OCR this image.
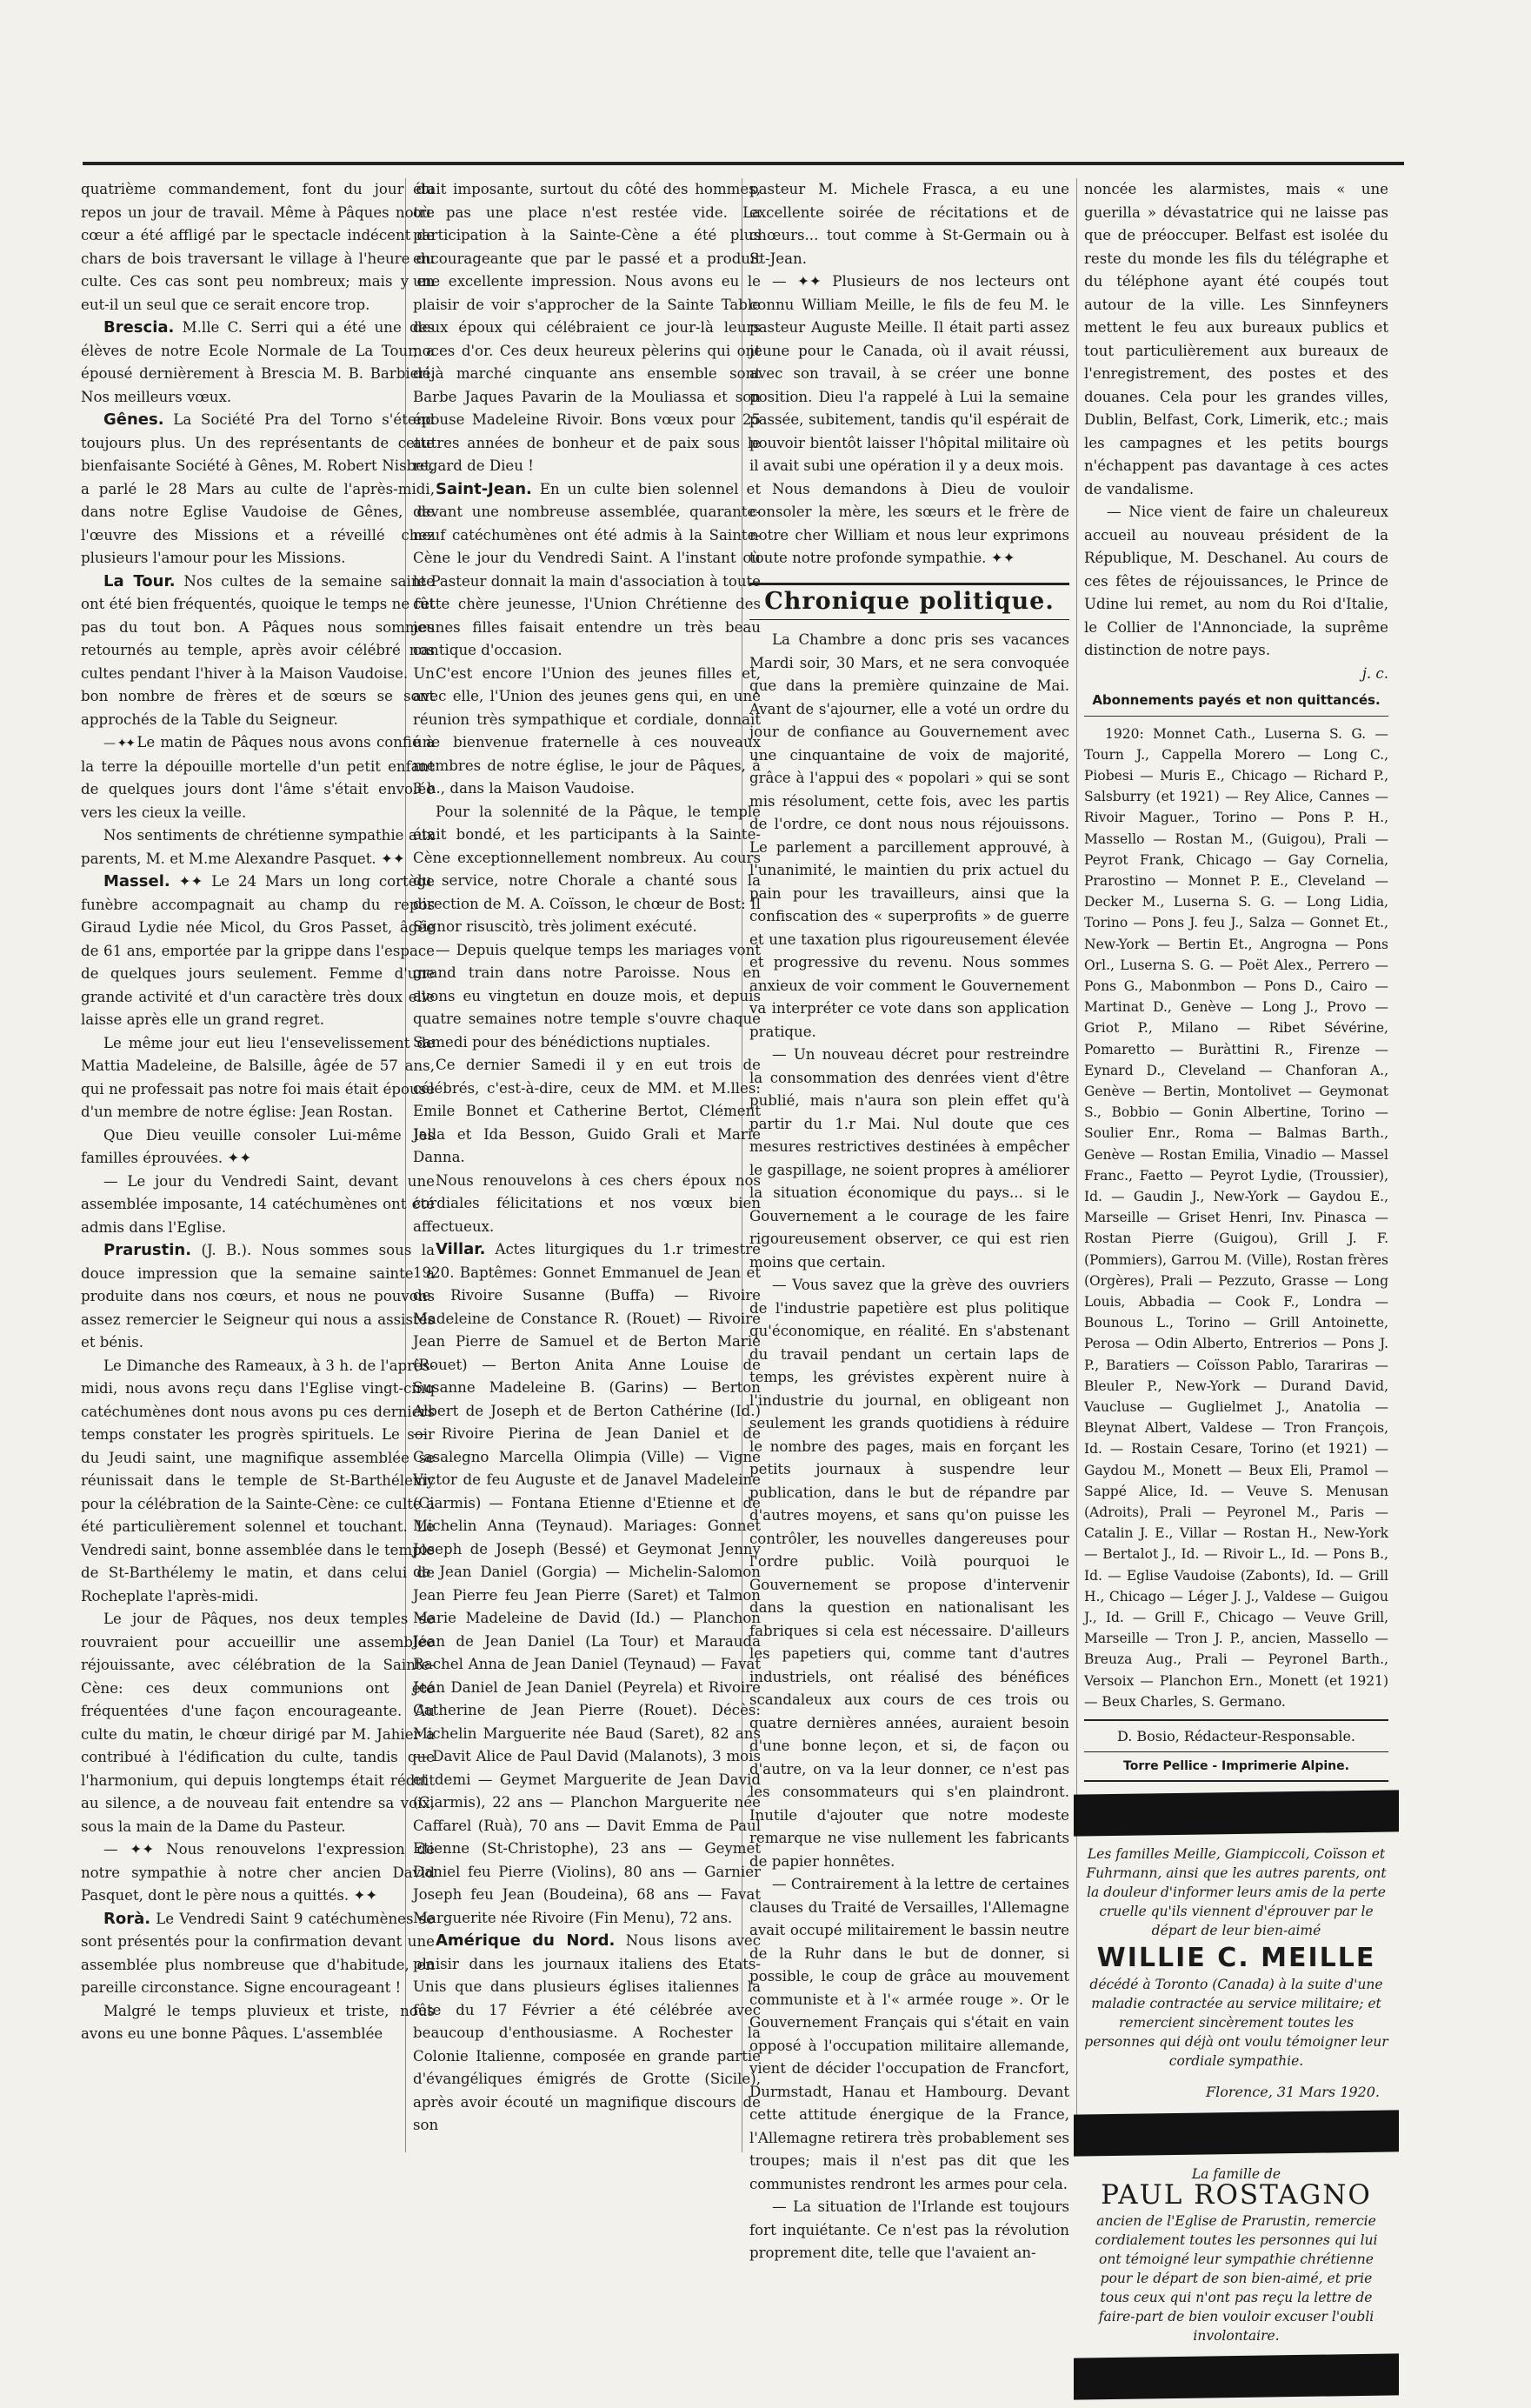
quatrième commandement, font du jour du repos un jour de travail. Même à Pâques notre cœur a été affligé par le spectacle indécent de chars de bois traversant le village à l'heure du culte. Ces cas sont peu nombreux; mais y en eut-il un seul que ce serait encore trop.

Brescia. M.lle C. Serri qui a été une des élèves de notre Ecole Normale de La Tour, a épousé dernièrement à Brescia M. B. Barbieri. Nos meilleurs vœux.

Gênes. La Société Pra del Torno s'étend toujours plus. Un des représentants de cette bienfaisante Société à Gênes, M. Robert Nisbet, a parlé le 28 Mars au culte de l'après-midi, dans notre Eglise Vaudoise de Gênes, de l'œuvre des Missions et a réveillé chez plusieurs l'amour pour les Missions.

La Tour. Nos cultes de la semaine sainte ont été bien fréquentés, quoique le temps ne fût pas du tout bon. A Pâques nous sommes retournés au temple, après avoir célébré nos cultes pendant l'hiver à la Maison Vaudoise. Un bon nombre de frères et de sœurs se sont approchés de la Table du Seigneur.

— ✦✦ Le matin de Pâques nous avons confié à la terre la dépouille mortelle d'un petit enfant de quelques jours dont l'âme s'était envolée vers les cieux la veille.

Nos sentiments de chrétienne sympathie aux parents, M. et M.me Alexandre Pasquet. ✦✦

Massel. ✦✦ Le 24 Mars un long cortège funèbre accompagnait au champ du repos Giraud Lydie née Micol, du Gros Passet, âgée de 61 ans, emportée par la grippe dans l'espace de quelques jours seulement. Femme d'une grande activité et d'un caractère très doux elle laisse après elle un grand regret.

Le même jour eut lieu l'ensevelissement de Mattia Madeleine, de Balsille, âgée de 57 ans, qui ne professait pas notre foi mais était épouse d'un membre de notre église: Jean Rostan.

Que Dieu veuille consoler Lui-même les familles éprouvées. ✦✦

— Le jour du Vendredi Saint, devant une assemblée imposante, 14 catéchumènes ont été admis dans l'Eglise.

Prarustin. (J. B.). Nous sommes sous la douce impression que la semaine sainte a produite dans nos cœurs, et nous ne pouvons assez remercier le Seigneur qui nous a assistés et bénis.

Le Dimanche des Rameaux, à 3 h. de l'après-midi, nous avons reçu dans l'Eglise vingt-cinq catéchumènes dont nous avons pu ces derniers temps constater les progrès spirituels. Le soir du Jeudi saint, une magnifique assemblée se réunissait dans le temple de St-Barthélemy pour la célébration de la Sainte-Cène: ce culte a été particulièrement solennel et touchant. Le Vendredi saint, bonne assemblée dans le temple de St-Barthélemy le matin, et dans celui de Rocheplate l'après-midi.

Le jour de Pâques, nos deux temples se rouvraient pour accueillir une assemblée réjouissante, avec célébration de la Sainte-Cène: ces deux communions ont été fréquentées d'une façon encourageante. Au culte du matin, le chœur dirigé par M. Jahier a contribué à l'édification du culte, tandis que l'harmonium, qui depuis longtemps était réduit au silence, a de nouveau fait entendre sa voix, sous la main de la Dame du Pasteur.

— ✦✦ Nous renouvelons l'expression de notre sympathie à notre cher ancien David Pasquet, dont le père nous a quittés. ✦✦

Rorà. Le Vendredi Saint 9 catéchumènes se sont présentés pour la confirmation devant une assemblée plus nombreuse que d'habitude, en pareille circonstance. Signe encourageant !

Malgré le temps pluvieux et triste, nous avons eu une bonne Pâques. L'assemblée

était imposante, surtout du côté des hommes, où pas une place n'est restée vide. La participation à la Sainte-Cène a été plus encourageante que par le passé et a produit une excellente impression. Nous avons eu le plaisir de voir s'approcher de la Sainte Table deux époux qui célébraient ce jour-là leurs noces d'or. Ces deux heureux pèlerins qui ont déjà marché cinquante ans ensemble sont Barbe Jaques Pavarin de la Mouliassa et son épouse Madeleine Rivoir. Bons vœux pour 25 autres années de bonheur et de paix sous le regard de Dieu !

Saint-Jean. En un culte bien solennel et devant une nombreuse assemblée, quarante-neuf catéchumènes ont été admis à la Sainte-Cène le jour du Vendredi Saint. A l'instant où le Pasteur donnait la main d'association à toute cette chère jeunesse, l'Union Chrétienne des jeunes filles faisait entendre un très beau cantique d'occasion.

C'est encore l'Union des jeunes filles et, avec elle, l'Union des jeunes gens qui, en une réunion très sympathique et cordiale, donnait une bienvenue fraternelle à ces nouveaux membres de notre église, le jour de Pâques, à 3 h., dans la Maison Vaudoise.

Pour la solennité de la Pâque, le temple était bondé, et les participants à la Sainte-Cène exceptionnellement nombreux. Au cours du service, notre Chorale a chanté sous la direction de M. A. Coïsson, le chœur de Bost: Il Signor risuscitò, très joliment exécuté.

— Depuis quelque temps les mariages vont grand train dans notre Paroisse. Nous en avons eu vingtetun en douze mois, et depuis quatre semaines notre temple s'ouvre chaque Samedi pour des bénédictions nuptiales.

Ce dernier Samedi il y en eut trois de célébrés, c'est-à-dire, ceux de MM. et M.lles: Emile Bonnet et Catherine Bertot, Clément Jalla et Ida Besson, Guido Grali et Marie Danna.

Nous renouvelons à ces chers époux nos cordiales félicitations et nos vœux bien affectueux.

Villar. Actes liturgiques du 1.r trimestre 1920. Baptêmes: Gonnet Emmanuel de Jean et de Rivoire Susanne (Buffa) — Rivoire Madeleine de Constance R. (Rouet) — Rivoire Jean Pierre de Samuel et de Berton Marie (Rouet) — Berton Anita Anne Louise de Susanne Madeleine B. (Garins) — Berton Albert de Joseph et de Berton Cathérine (Id.) — Rivoire Pierina de Jean Daniel et de Casalegno Marcella Olimpia (Ville) — Vigne Victor de feu Auguste et de Janavel Madeleine (Ciarmis) — Fontana Etienne d'Etienne et de Michelin Anna (Teynaud). Mariages: Gonnet Joseph de Joseph (Bessé) et Geymonat Jenny de Jean Daniel (Gorgia) — Michelin-Salomon Jean Pierre feu Jean Pierre (Saret) et Talmon Marie Madeleine de David (Id.) — Planchon Jean de Jean Daniel (La Tour) et Marauda Rachel Anna de Jean Daniel (Teynaud) — Favat Jean Daniel de Jean Daniel (Peyrela) et Rivoire Catherine de Jean Pierre (Rouet). Décès: Michelin Marguerite née Baud (Saret), 82 ans — Davit Alice de Paul David (Malanots), 3 mois et demi — Geymet Marguerite de Jean David (Ciarmis), 22 ans — Planchon Marguerite née Caffarel (Ruà), 70 ans — Davit Emma de Paul Etienne (St-Christophe), 23 ans — Geymet Daniel feu Pierre (Violins), 80 ans — Garnier Joseph feu Jean (Boudeina), 68 ans — Favat Marguerite née Rivoire (Fin Menu), 72 ans.

Amérique du Nord. Nous lisons avec plaisir dans les journaux italiens des Etats-Unis que dans plusieurs églises italiennes la fête du 17 Février a été célébrée avec beaucoup d'enthousiasme. A Rochester la Colonie Italienne, composée en grande partie d'évangéliques émigrés de Grotte (Sicile), après avoir écouté un magnifique discours de son

pasteur M. Michele Frasca, a eu une excellente soirée de récitations et de chœurs... tout comme à St-Germain ou à St-Jean.

— ✦✦ Plusieurs de nos lecteurs ont connu William Meille, le fils de feu M. le pasteur Auguste Meille. Il était parti assez jeune pour le Canada, où il avait réussi, avec son travail, à se créer une bonne position. Dieu l'a rappelé à Lui la semaine passée, subitement, tandis qu'il espérait de pouvoir bientôt laisser l'hôpital militaire où il avait subi une opération il y a deux mois.

Nous demandons à Dieu de vouloir consoler la mère, les sœurs et le frère de notre cher William et nous leur exprimons toute notre profonde sympathie. ✦✦

Chronique politique.

La Chambre a donc pris ses vacances Mardi soir, 30 Mars, et ne sera convoquée que dans la première quinzaine de Mai. Avant de s'ajourner, elle a voté un ordre du jour de confiance au Gouvernement avec une cinquantaine de voix de majorité, grâce à l'appui des « popolari » qui se sont mis résolument, cette fois, avec les partis de l'ordre, ce dont nous nous réjouissons. Le parlement a parcillement approuvé, à l'unanimité, le maintien du prix actuel du pain pour les travailleurs, ainsi que la confiscation des « superprofits » de guerre et une taxation plus rigoureusement élevée et progressive du revenu. Nous sommes anxieux de voir comment le Gouvernement va interpréter ce vote dans son application pratique.

— Un nouveau décret pour restreindre la consommation des denrées vient d'être publié, mais n'aura son plein effet qu'à partir du 1.r Mai. Nul doute que ces mesures restrictives destinées à empêcher le gaspillage, ne soient propres à améliorer la situation économique du pays... si le Gouvernement a le courage de les faire rigoureusement observer, ce qui est rien moins que certain.

— Vous savez que la grève des ouvriers de l'industrie papetière est plus politique qu'économique, en réalité. En s'abstenant du travail pendant un certain laps de temps, les grévistes expèrent nuire à l'industrie du journal, en obligeant non seulement les grands quotidiens à réduire le nombre des pages, mais en forçant les petits journaux à suspendre leur publication, dans le but de répandre par d'autres moyens, et sans qu'on puisse les contrôler, les nouvelles dangereuses pour l'ordre public. Voilà pourquoi le Gouvernement se propose d'intervenir dans la question en nationalisant les fabriques si cela est nécessaire. D'ailleurs les papetiers qui, comme tant d'autres industriels, ont réalisé des bénéfices scandaleux aux cours de ces trois ou quatre dernières années, auraient besoin d'une bonne leçon, et si, de façon ou d'autre, on va la leur donner, ce n'est pas les consommateurs qui s'en plaindront. Inutile d'ajouter que notre modeste remarque ne vise nullement les fabricants de papier honnêtes.

— Contrairement à la lettre de certaines clauses du Traité de Versailles, l'Allemagne avait occupé militairement le bassin neutre de la Ruhr dans le but de donner, si possible, le coup de grâce au mouvement communiste et à l'« armée rouge ». Or le Gouvernement Français qui s'était en vain opposé à l'occupation militaire allemande, vient de décider l'occupation de Francfort, Durmstadt, Hanau et Hambourg. Devant cette attitude énergique de la France, l'Allemagne retirera très probablement ses troupes; mais il n'est pas dit que les communistes rendront les armes pour cela.

— La situation de l'Irlande est toujours fort inquiétante. Ce n'est pas la révolution proprement dite, telle que l'avaient an-

noncée les alarmistes, mais « une guerilla » dévastatrice qui ne laisse pas que de préoccuper. Belfast est isolée du reste du monde les fils du télégraphe et du téléphone ayant été coupés tout autour de la ville. Les Sinnfeyners mettent le feu aux bureaux publics et tout particulièrement aux bureaux de l'enregistrement, des postes et des douanes. Cela pour les grandes villes, Dublin, Belfast, Cork, Limerik, etc.; mais les campagnes et les petits bourgs n'échappent pas davantage à ces actes de vandalisme.

— Nice vient de faire un chaleureux accueil au nouveau président de la République, M. Deschanel. Au cours de ces fêtes de réjouissances, le Prince de Udine lui remet, au nom du Roi d'Italie, le Collier de l'Annonciade, la suprême distinction de notre pays.

j. c.
Abonnements payés et non quittancés.
1920: Monnet Cath., Luserna S. G. — Tourn J., Cappella Morero — Long C., Piobesi — Muris E., Chicago — Richard P., Salsburry (et 1921) — Rey Alice, Cannes — Rivoir Maguer., Torino — Pons P. H., Massello — Rostan M., (Guigou), Prali — Peyrot Frank, Chicago — Gay Cornelia, Prarostino — Monnet P. E., Cleveland — Decker M., Luserna S. G. — Long Lidia, Torino — Pons J. feu J., Salza — Gonnet Et., New-York — Bertin Et., Angrogna — Pons Orl., Luserna S. G. — Poët Alex., Perrero — Pons G., Mabonmbon — Pons D., Cairo — Martinat D., Genève — Long J., Provo — Griot P., Milano — Ribet Sévérine, Pomaretto — Buràttini R., Firenze — Eynard D., Cleveland — Chanforan A., Genève — Bertin, Montolivet — Geymonat S., Bobbio — Gonin Albertine, Torino — Soulier Enr., Roma — Balmas Barth., Genève — Rostan Emilia, Vinadio — Massel Franc., Faetto — Peyrot Lydie, (Troussier), Id. — Gaudin J., New-York — Gaydou E., Marseille — Griset Henri, Inv. Pinasca — Rostan Pierre (Guigou), Grill J. F. (Pommiers), Garrou M. (Ville), Rostan frères (Orgères), Prali — Pezzuto, Grasse — Long Louis, Abbadia — Cook F., Londra — Bounous L., Torino — Grill Antoinette, Perosa — Odin Alberto, Entrerios — Pons J. P., Baratiers — Coïsson Pablo, Tarariras — Bleuler P., New-York — Durand David, Vaucluse — Guglielmet J., Anatolia — Bleynat Albert, Valdese — Tron François, Id. — Rostain Cesare, Torino (et 1921) — Gaydou M., Monett — Beux Eli, Pramol — Sappé Alice, Id. — Veuve S. Menusan (Adroits), Prali — Peyronel M., Paris — Catalin J. E., Villar — Rostan H., New-York — Bertalot J., Id. — Rivoir L., Id. — Pons B., Id. — Eglise Vaudoise (Zabonts), Id. — Grill H., Chicago — Léger J. J., Valdese — Guigou J., Id. — Grill F., Chicago — Veuve Grill, Marseille — Tron J. P., ancien, Massello — Breuza Aug., Prali — Peyronel Barth., Versoix — Planchon Ern., Monett (et 1921) — Beux Charles, S. Germano.
D. Bosio, Rédacteur-Responsable.
Torre Pellice - Imprimerie Alpine.
Les familles Meille, Giampiccoli, Coïsson et Fuhrmann, ainsi que les autres parents, ont la douleur d'informer leurs amis de la perte cruelle qu'ils viennent d'éprouver par le départ de leur bien-aimé
WILLIE C. MEILLE
décédé à Toronto (Canada) à la suite d'une maladie contractée au service militaire; et remercient sincèrement toutes les personnes qui déjà ont voulu témoigner leur cordiale sympathie.
Florence, 31 Mars 1920.
La famille de
PAUL ROSTAGNO
ancien de l'Eglise de Prarustin, remercie cordialement toutes les personnes qui lui ont témoigné leur sympathie chrétienne pour le départ de son bien-aimé, et prie tous ceux qui n'ont pas reçu la lettre de faire-part de bien vouloir excuser l'oubli involontaire.
